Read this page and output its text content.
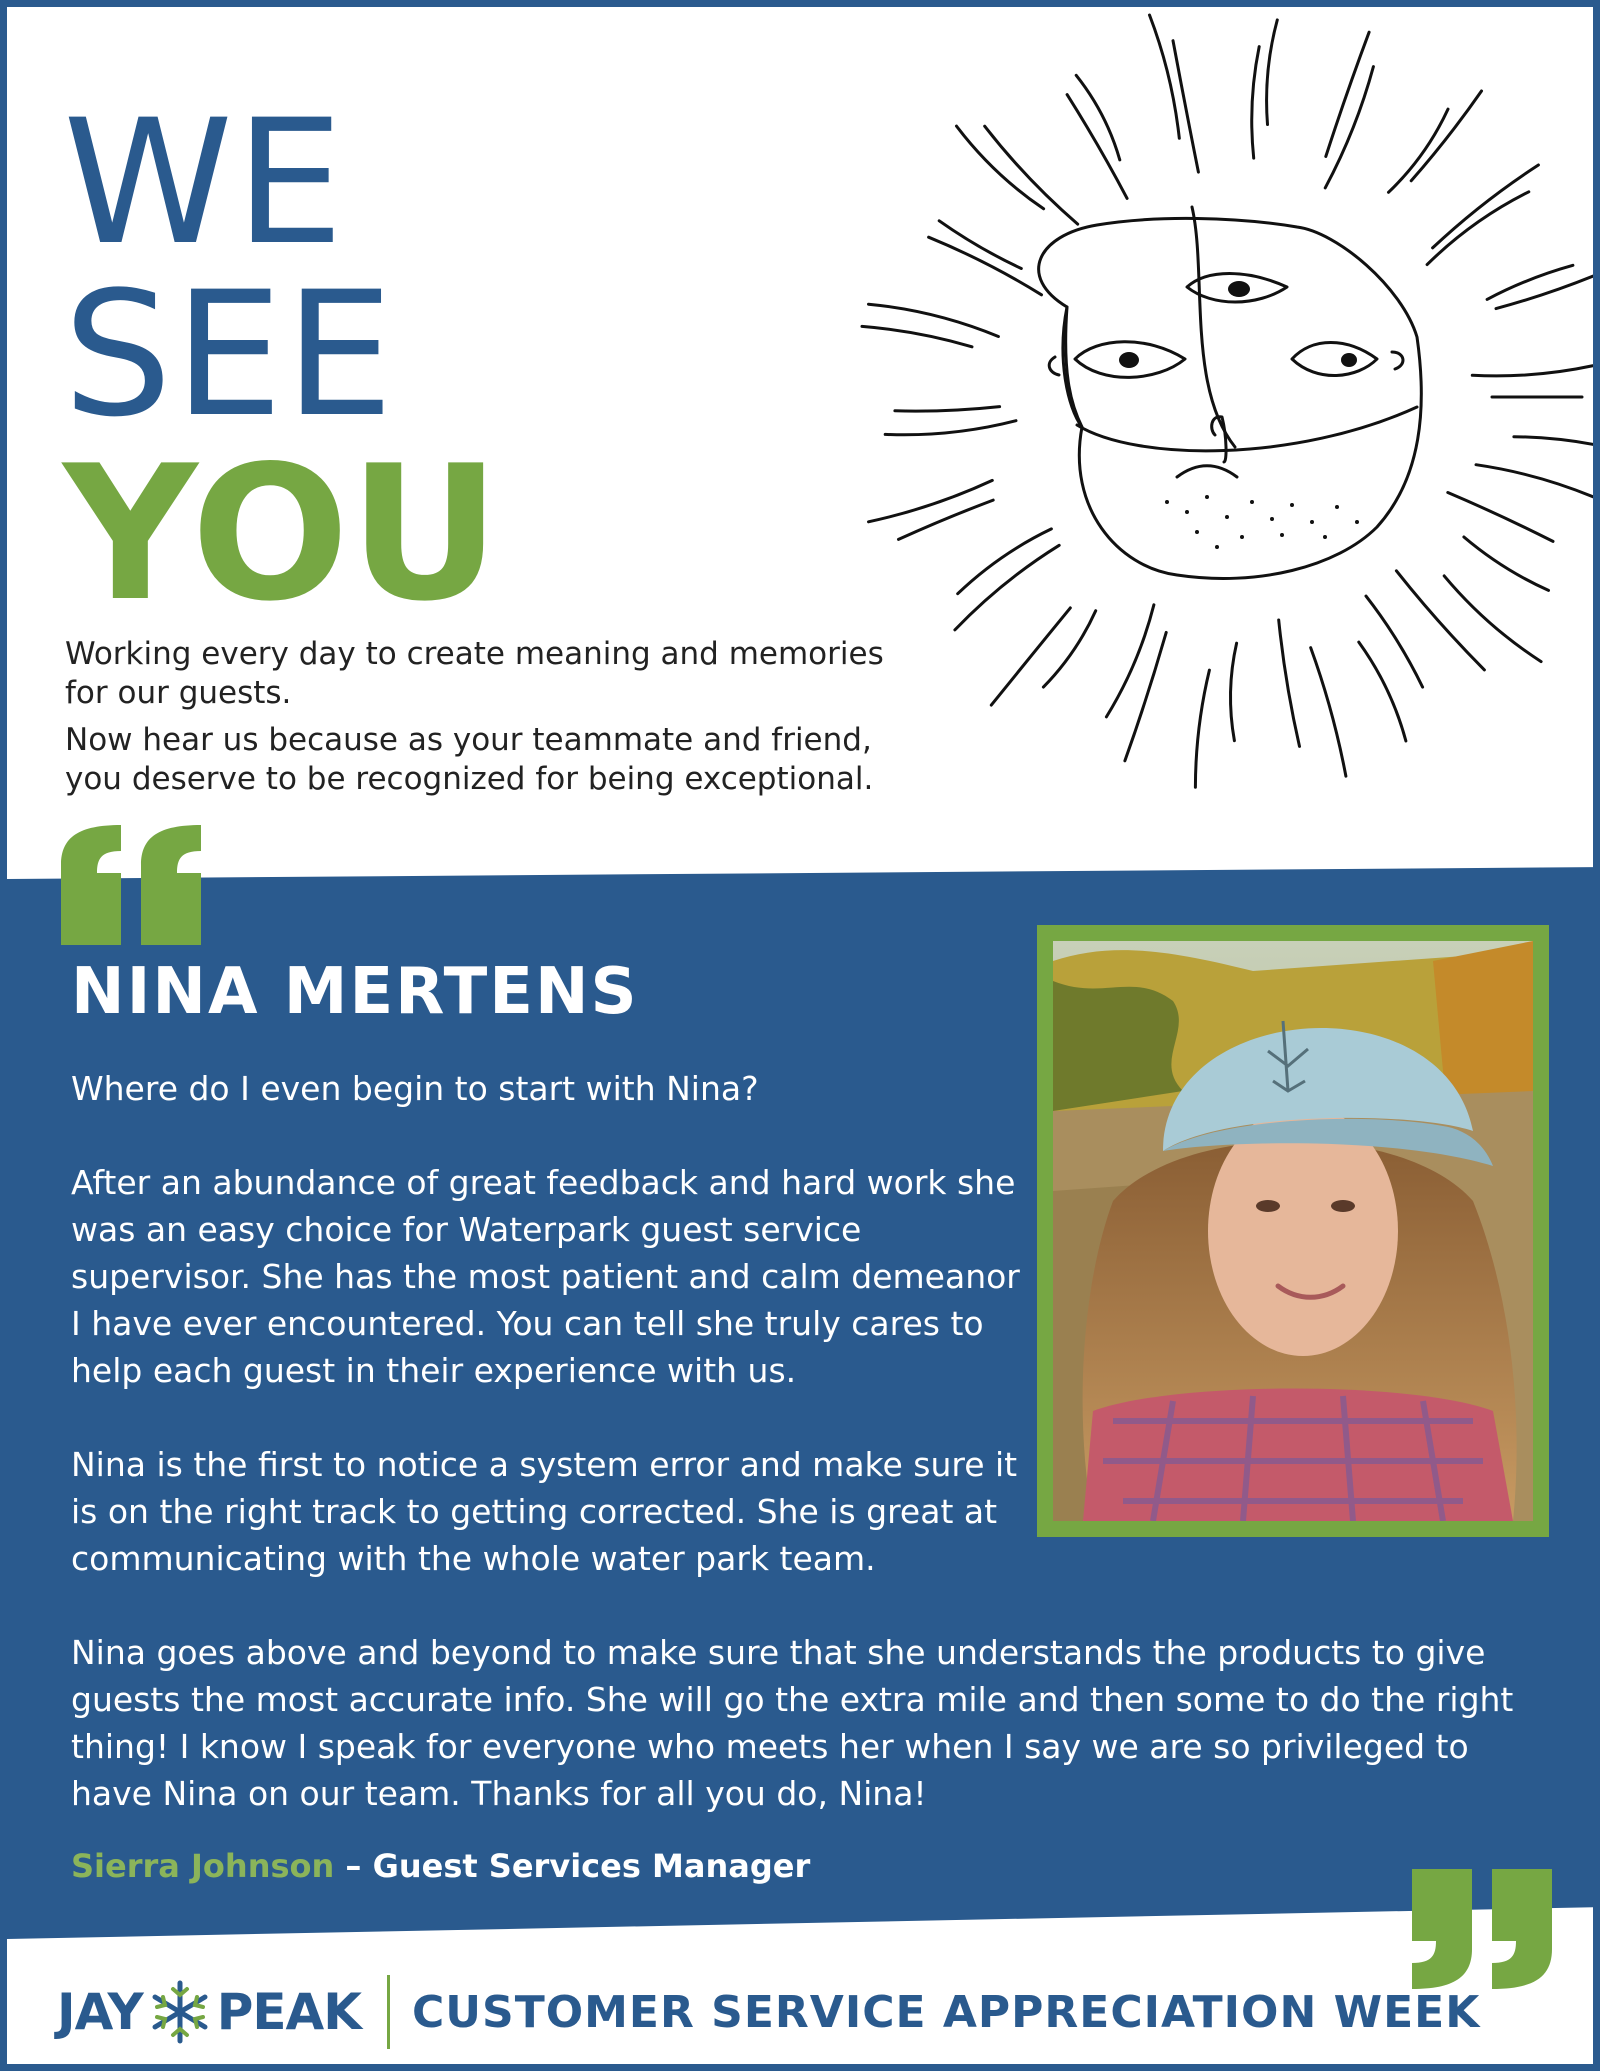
WE
SEE
YOU

Working every day to create meaning and memories for our guests.

Now hear us because as your teammate and friend, you deserve to be recognized for being exceptional.

NINA MERTENS

Where do I even begin to start with Nina?

After an abundance of great feedback and hard work she was an easy choice for Waterpark guest service supervisor. She has the most patient and calm demeanor I have ever encountered. You can tell she truly cares to help each guest in their experience with us.

Nina is the first to notice a system error and make sure it is on the right track to getting corrected. She is great at communicating with the whole water park team.

Nina goes above and beyond to make sure that she understands the products to give guests the most accurate info. She will go the extra mile and then some to do the right thing! I know I speak for everyone who meets her when I say we are so privileged to have Nina on our team. Thanks for all you do, Nina!

Sierra Johnson – Guest Services Manager
JAY PEAK CUSTOMER SERVICE APPRECIATION WEEK
